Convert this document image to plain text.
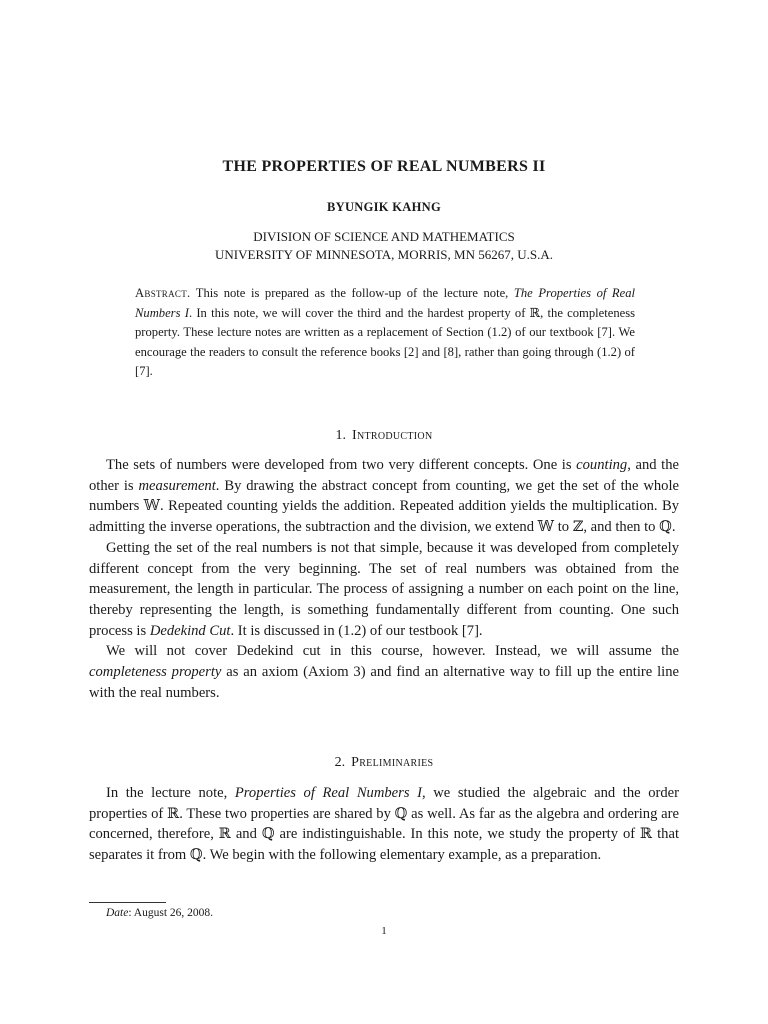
THE PROPERTIES OF REAL NUMBERS II
BYUNGIK KAHNG
DIVISION OF SCIENCE AND MATHEMATICS
UNIVERSITY OF MINNESOTA, MORRIS, MN 56267, U.S.A.
Abstract. This note is prepared as the follow-up of the lecture note, The Properties of Real Numbers I. In this note, we will cover the third and the hardest property of ℝ, the completeness property. These lecture notes are written as a replacement of Section (1.2) of our textbook [7]. We encourage the readers to consult the reference books [2] and [8], rather than going through (1.2) of [7].
1. Introduction

The sets of numbers were developed from two very different concepts. One is counting, and the other is measurement. By drawing the abstract concept from counting, we get the set of the whole numbers 𝕎. Repeated counting yields the addition. Repeated addition yields the multiplication. By admitting the inverse operations, the subtraction and the division, we extend 𝕎 to ℤ, and then to ℚ.

Getting the set of the real numbers is not that simple, because it was developed from completely different concept from the very beginning. The set of real numbers was obtained from the measurement, the length in particular. The process of assigning a number on each point on the line, thereby representing the length, is something fundamentally different from counting. One such process is Dedekind Cut. It is discussed in (1.2) of our testbook [7].

We will not cover Dedekind cut in this course, however. Instead, we will assume the completeness property as an axiom (Axiom 3) and find an alternative way to fill up the entire line with the real numbers.

2. Preliminaries

In the lecture note, Properties of Real Numbers I, we studied the algebraic and the order properties of ℝ. These two properties are shared by ℚ as well. As far as the algebra and ordering are concerned, therefore, ℝ and ℚ are indistinguishable. In this note, we study the property of ℝ that separates it from ℚ. We begin with the following elementary example, as a preparation.

Date: August 26, 2008.
1
